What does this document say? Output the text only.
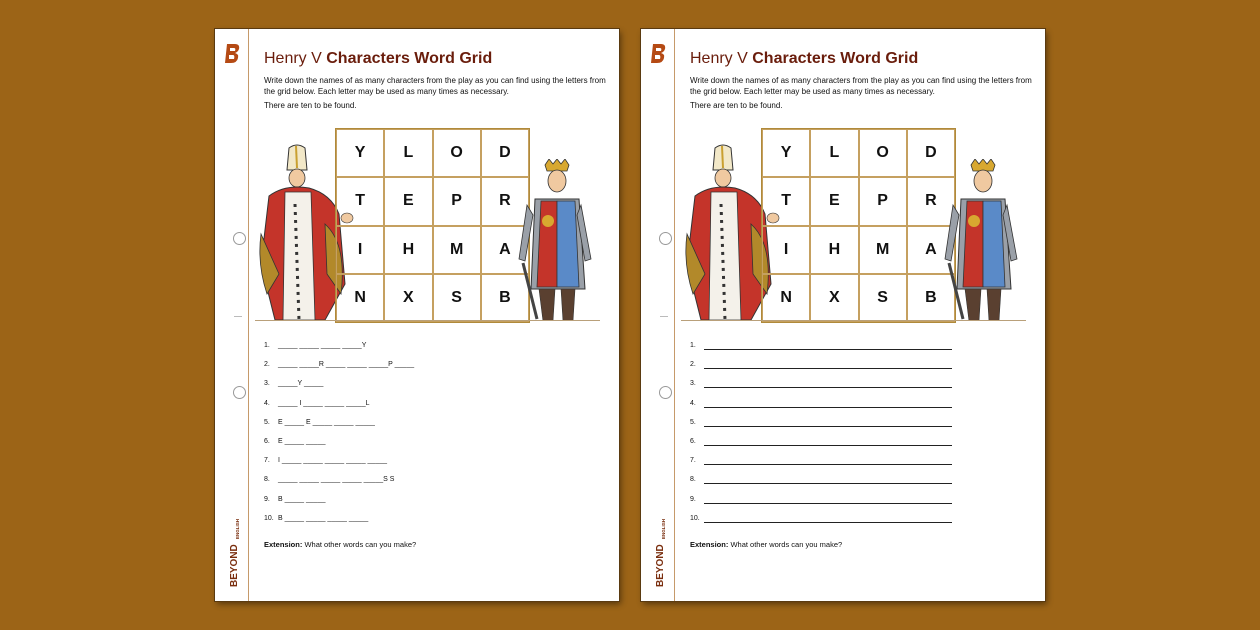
BEYOND
ENGLISH
Henry V Characters Word Grid
Write down the names of as many characters from the play as you can find using the letters from the grid below. Each letter may be used as many times as necessary.
There are ten to be found.
Y	L	O	D
T	E	P	R
I	H	M	A
N	X	S	B
1.	_____ _____ _____ _____Y
2.	_____ _____R _____ _____ _____P _____
3.	_____Y _____
4.	_____ I _____ _____ _____L
5.	E _____ E _____ _____ _____
6.	E _____ _____
7.	I _____ _____ _____ _____ _____
8.	_____ _____ _____ _____ _____S S
9.	B _____ _____
10. B _____ _____ _____ _____
Extension: What other words can you make?	BEYOND
ENGLISH
Henry V Characters Word Grid
Write down the names of as many characters from the play as you can find using the letters from the grid below. Each letter may be used as many times as necessary.
There are ten to be found.
Y	L	O	D
T	E	P	R
I	H	M	A
N	X	S	B
1.
2.
3.
4.
5.
6.
7.
8.
9.
10.
Extension: What other words can you make?
